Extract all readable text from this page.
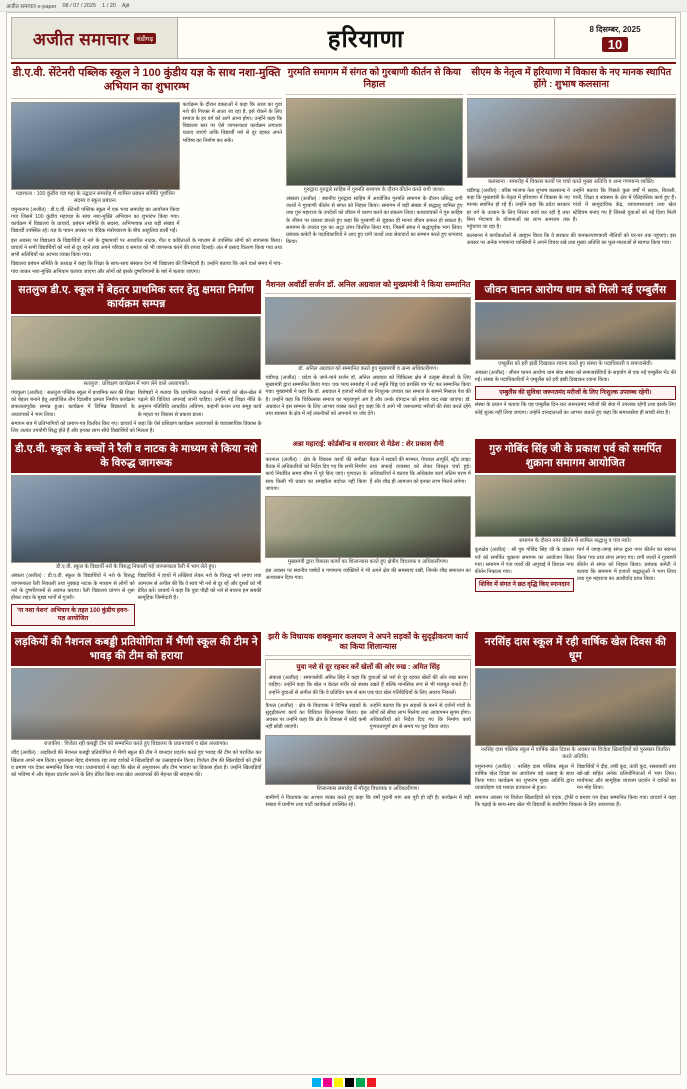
अजीत समाचार e-paper 08 / 07 / 2025 1 / 20 Ajit
अजीत समाचार	चंडीगढ़	हरियाणा	8 दिसम्बर, 2025
10
डी.ए.वी. सेंटेनरी पब्लिक स्कूल ने 100 कुंडीय यज्ञ के साथ नशा-मुक्ति अभियान का शुभारम्भ
यज्ञशाला : 100 कुंडीय यज्ञ महा के उद्घाटन समारोह में शामिल प्रबंधन समिति पूर्वाधिन सदस्य व स्कूल प्रबंधन।
यमुनानगर (अजीत) : डी.ए.वी. सेंटेनरी पब्लिक स्कूल में एक भव्य समारोह का आयोजन किया गया जिसमें 100 कुंडीय महायज्ञ के साथ नशा-मुक्ति अभियान का शुभारंभ किया गया। कार्यक्रम में विद्यालय के प्राचार्य, प्रबंधन समिति के सदस्य, अभिभावक तथा बड़ी संख्या में विद्यार्थी उपस्थित रहे। यज्ञ के पावन अवसर पर वैदिक मंत्रोच्चारण के बीच आहुतियां डाली गईं।
कार्यक्रम के दौरान वक्ताओं ने कहा कि आज का युवा नशे की गिरफ्त में आता जा रहा है, इसे रोकने के लिए समाज के हर वर्ग को आगे आना होगा। उन्होंने कहा कि विद्यालय स्तर पर ऐसे जागरूकता कार्यक्रम लगातार चलाए जाएंगे ताकि विद्यार्थी नशे से दूर रहकर अपने भविष्य का निर्माण कर सकें।
इस अवसर पर विद्यालय के विद्यार्थियों ने नशे के दुष्प्रभावों पर आधारित नाटक, गीत व कविताओं के माध्यम से उपस्थित लोगों को जागरूक किया। प्राचार्य ने सभी विद्यार्थियों को नशे से दूर रहने तथा अपने परिवार व समाज को भी जागरूक करने की शपथ दिलाई। अंत में प्रसाद वितरण किया गया तथा सभी अतिथियों का आभार व्यक्त किया गया।
विद्यालय प्रबंधन समिति के अध्यक्ष ने कहा कि शिक्षा के साथ-साथ संस्कार देना भी विद्यालय की जिम्मेदारी है। उन्होंने बताया कि आने वाले समय में गांव-गांव जाकर नशा-मुक्ति अभियान चलाया जाएगा और लोगों को इसके दुष्परिणामों के बारे में बताया जाएगा।
गुरमति समागम में संगत को गुरबाणी कीर्तन से किया निहाल
गुरुद्वारा गुरुद्वारे साहिब में गुरमति समागम के दौरान कीर्तन करते रागी जत्था।
अंबाला (अजीत) : स्थानीय गुरुद्वारा साहिब में आयोजित गुरमति समागम के दौरान प्रसिद्ध रागी जत्थों ने गुरबाणी कीर्तन से संगत को निहाल किया। समागम में बड़ी संख्या में श्रद्धालु शामिल हुए तथा गुरु महाराज के उपदेशों को जीवन में धारण करने का संकल्प लिया। कथावाचकों ने गुरु साहिब के जीवन पर प्रकाश डालते हुए कहा कि गुरबाणी से जुड़कर ही मानव जीवन सफल हो सकता है। समागम के उपरांत गुरु का अटूट लंगर वितरित किया गया, जिसमें संगत ने श्रद्धापूर्वक भाग लिया। प्रबंधक कमेटी के पदाधिकारियों ने आए हुए रागी जत्थों तथा सेवादारों का सम्मान करते हुए धन्यवाद किया।
सीएम के नेतृत्व में हरियाणा में विकास के नए मानक स्थापित होंगे : शुभाष कलसाना
कलसाना : समारोह में विकास कार्यों पर चर्चा करते मुख्य अतिथि व अन्य गणमान्य व्यक्ति।
चंडीगढ़ (अजीत) : वरिष्ठ भाजपा नेता शुभाष कलसाना ने कहा कि मुख्यमंत्री के नेतृत्व में हरियाणा में विकास के नए मानक स्थापित हो रहे हैं। उन्होंने कहा कि प्रदेश सरकार हर वर्ग के उत्थान के लिए निरंतर कार्य कर रही है तथा बिना भेदभाव के योजनाओं का लाभ आमजन तक पहुंचाया जा रहा है।
उन्होंने बताया कि पिछले कुछ वर्षों में सड़क, बिजली, पानी, शिक्षा व स्वास्थ्य के क्षेत्र में ऐतिहासिक कार्य हुए हैं। गांवों में सामुदायिक केंद्र, व्यायामशालाएं तथा खेल स्टेडियम बनाए गए हैं जिससे युवाओं को नई दिशा मिली है।
कलसाना ने कार्यकर्ताओं से आह्वान किया कि वे सरकार की जनकल्याणकारी नीतियों को घर-घर तक पहुंचाएं। इस अवसर पर अनेक गणमान्य व्यक्तियों ने अपने विचार रखे तथा मुख्य अतिथि का फूल-मालाओं से स्वागत किया गया।
सतलुज डी.ए. स्कूल में बेहतर प्राथमिक स्तर हेतु क्षमता निर्माण कार्यक्रम सम्पन्न
सतलुज : प्रशिक्षण कार्यक्रम में भाग लेने वाले अध्यापकों।
पंचकूला (अजीत) : सतलुज पब्लिक स्कूल में प्राथमिक स्तर की शिक्षा को बेहतर बनाने हेतु आयोजित तीन दिवसीय क्षमता निर्माण कार्यक्रम सफलतापूर्वक सम्पन्न हुआ। कार्यक्रम में विभिन्न विद्यालयों के अध्यापकों ने भाग लिया।
विशेषज्ञों ने बताया कि प्राथमिक कक्षाओं में बच्चों को खेल-खेल में पढ़ाने की विधियां अपनाई जानी चाहिए। उन्होंने नई शिक्षा नीति के अनुरूप गतिविधि आधारित अधिगम, कहानी कथन तथा समूह कार्य के महत्व पर विस्तार से प्रकाश डाला।
समापन सत्र में प्रतिभागियों को प्रमाण-पत्र वितरित किए गए। प्राचार्य ने कहा कि ऐसे प्रशिक्षण कार्यक्रम अध्यापकों के व्यावसायिक विकास के लिए अत्यंत उपयोगी सिद्ध होते हैं और इनका लाभ सीधे विद्यार्थियों को मिलता है।
नैशनल अवॉर्डी सर्जन डॉ. अनिल अग्रवाल को मुख्यमंत्री ने किया सम्मानित
डॉ. अनिल अग्रवाल को सम्मानित करते हुए मुख्यमंत्री व अन्य अधिकारीगण।
चंडीगढ़ (अजीत) : प्रदेश के जाने-माने सर्जन डॉ. अनिल अग्रवाल को चिकित्सा क्षेत्र में उत्कृष्ट सेवाओं के लिए मुख्यमंत्री द्वारा सम्मानित किया गया। एक भव्य समारोह में उन्हें स्मृति चिह्न एवं प्रशस्ति पत्र भेंट कर सम्मानित किया गया। मुख्यमंत्री ने कहा कि डॉ. अग्रवाल ने हजारों मरीजों का निःशुल्क उपचार कर समाज के सामने मिसाल पेश की है। उन्होंने कहा कि चिकित्सक समाज का महत्वपूर्ण अंग हैं और उनके योगदान को हमेशा याद रखा जाएगा। डॉ. अग्रवाल ने इस सम्मान के लिए आभार व्यक्त करते हुए कहा कि वे आगे भी जरूरतमंद मरीजों की सेवा करते रहेंगे तथा स्वास्थ्य के क्षेत्र में नई तकनीकों को अपनाने पर जोर देंगे।
जीवन चानन आरोग्य धाम को मिली नई एम्बुलैंस
एम्बुलैंस को हरी झंडी दिखाकर रवाना करते हुए संस्था के पदाधिकारी व समाजसेवी।
अंबाला (अजीत) : जीवन चानन आरोग्य धाम सेवा संस्था को समाजसेवियों के सहयोग से एक नई एम्बुलैंस भेंट की गई। संस्था के पदाधिकारियों ने एम्बुलैंस को हरी झंडी दिखाकर रवाना किया।
एम्बुलैंस की सुविधा जरूरतमंद मरीजों के लिए निःशुल्क उपलब्ध रहेगी।
संस्था के प्रधान ने बताया कि यह एम्बुलैंस दिन-रात जरूरतमंद मरीजों की सेवा में उपलब्ध रहेगी तथा इसके लिए कोई शुल्क नहीं लिया जाएगा। उन्होंने दानदाताओं का आभार जताते हुए कहा कि समाजसेवा ही सच्ची सेवा है।
डी.ए.वी. स्कूल के बच्चों ने रैली व नाटक के माध्यम से किया नशे के विरुद्ध जागरूक
डी.ए.वी. स्कूल के विद्यार्थी नशे के विरुद्ध निकाली गई जागरूकता रैली में भाग लेते हुए।
अंबाला (अजीत) : डी.ए.वी. स्कूल के विद्यार्थियों ने नशे के विरुद्ध जागरूकता रैली निकाली तथा नुक्कड़ नाटक के माध्यम से लोगों को नशे के दुष्परिणामों से अवगत कराया। रैली विद्यालय प्रांगण से शुरू होकर शहर के मुख्य मार्गों से गुजरी।
'ना नशा नेशन' अभियान के तहत 100 कुंडीय हवन-यज्ञ आयोजित
विद्यार्थियों ने हाथों में तख्तियां लेकर नशे के विरुद्ध नारे लगाए तथा आमजन से अपील की कि वे स्वयं भी नशे से दूर रहें और दूसरों को भी प्रेरित करें। प्राचार्य ने कहा कि युवा पीढ़ी को नशे से बचाना हम सबकी सामूहिक जिम्मेदारी है।
अन्ना महाराई: कोर्डबॉन्ड व शरदवार से मेडेश : शेर प्रकाश सैनी
करनाल (अजीत) : क्षेत्र के विकास कार्यों की समीक्षा बैठक में अधिकारियों को निर्देश दिए गए कि सभी निर्माण कार्य निर्धारित समय सीमा में पूरे किए जाएं। गुणवत्ता के साथ किसी भी प्रकार का समझौता बर्दाश्त नहीं किया जाएगा।
बैठक में सड़कों की मरम्मत, पेयजल आपूर्ति, स्ट्रीट लाइट तथा सफाई व्यवस्था को लेकर विस्तृत चर्चा हुई। अधिकारियों ने बताया कि अधिकांश कार्य अंतिम चरण में हैं और शीघ्र ही आमजन को इनका लाभ मिलने लगेगा।
मुख्यमंत्री द्वारा विकास कार्यों का शिलान्यास करते हुए क्षेत्रीय विधायक व अधिकारीगण।
इस अवसर पर स्थानीय पार्षदों व गणमान्य व्यक्तियों ने भी अपने क्षेत्र की समस्याएं रखीं, जिनके शीघ्र समाधान का आश्वासन दिया गया।
गुरु गोबिंद सिंह जी के प्रकाश पर्व को समर्पित शुक्राना समागम आयोजित
समागम के दौरान नगर कीर्तन में शामिल श्रद्धालु व पंज प्यारे।
कुरुक्षेत्र (अजीत) : श्री गुरु गोबिंद सिंह जी के प्रकाश पर्व को समर्पित शुक्राना समागम का आयोजन किया गया। समागम में पंज प्यारों की अगुवाई में विशाल नगर कीर्तन निकाला गया।
शिविर में संगत ने छठ वृद्धि किए स्नानदान
मार्ग में जगह-जगह संगत द्वारा नगर कीर्तन का स्वागत किया गया तथा लंगर लगाए गए। रागी जत्थों ने गुरबाणी कीर्तन से संगत को निहाल किया। प्रबंधक कमेटी ने बताया कि समागम में हजारों श्रद्धालुओं ने भाग लिया तथा गुरु महाराज का आशीर्वाद प्राप्त किया।
लड़कियों की नैशनल कबड्डी प्रतियोगिता में भैंणी स्कूल की टीम ने भावड़ की टीम को हराया
राजकीय : विजेता रही कबड्डी टीम को सम्मानित करते हुए विद्यालय के प्रधानाचार्य व खेल अध्यापक।
जींद (अजीत) : लड़कियों की नैशनल कबड्डी प्रतियोगिता में भैंणी स्कूल की टीम ने शानदार प्रदर्शन करते हुए भावड़ की टीम को पराजित कर खिताब अपने नाम किया। मुकाबला बेहद रोमांचक रहा तथा दर्शकों ने खिलाड़ियों का उत्साहवर्धन किया। विजेता टीम की खिलाड़ियों को ट्रॉफी व प्रमाण पत्र देकर सम्मानित किया गया। प्रधानाचार्य ने कहा कि खेल से अनुशासन और टीम भावना का विकास होता है। उन्होंने खिलाड़ियों को भविष्य में और बेहतर प्रदर्शन करने के लिए प्रेरित किया तथा खेल अध्यापकों की मेहनत की सराहना की।
झरी के विधायक शक्कूमार कलयण ने अपने सड़कों के सुदृढ़ीकरण कार्य का किया शिलान्यास
युवा नशे से दूर रहकर करें खेलों की ओर रुख : अमित सिंह
अंबाला (अजीत) : समाजसेवी अमित सिंह ने कहा कि युवाओं को नशे से दूर रहकर खेलों की ओर रुख करना चाहिए। उन्होंने कहा कि खेल न केवल शरीर को स्वस्थ रखते हैं बल्कि मानसिक रूप से भी मजबूत बनाते हैं। उन्होंने युवाओं से अपील की कि वे प्रतिदिन कम से कम एक घंटा खेल गतिविधियों के लिए अवश्य निकालें।
कैथल (अजीत) : क्षेत्र के विधायक ने विभिन्न सड़कों के सुदृढ़ीकरण कार्य का विधिवत शिलान्यास किया। इस अवसर पर उन्होंने कहा कि क्षेत्र के विकास में कोई कमी नहीं छोड़ी जाएगी।
उन्होंने बताया कि इन सड़कों के बनने से दर्जनों गांवों के लोगों को सीधा लाभ मिलेगा तथा आवागमन सुगम होगा। अधिकारियों को निर्देश दिए गए कि निर्माण कार्य गुणवत्तापूर्ण ढंग से समय पर पूरा किया जाए।
शिलान्यास समारोह में मौजूद विधायक व अधिकारीगण।
ग्रामीणों ने विधायक का आभार व्यक्त करते हुए कहा कि वर्षों पुरानी मांग अब पूरी हो रही है। कार्यक्रम में बड़ी संख्या में ग्रामीण तथा पार्टी कार्यकर्ता उपस्थित रहे।
नरसिंह दास स्कूल में रही वार्षिक खेल दिवस की धूम
नरसिंह दास पब्लिक स्कूल में वार्षिक खेल दिवस के अवसर पर विजेता खिलाड़ियों को पुरस्कार वितरित करते अतिथि।
यमुनानगर (अजीत) : नरसिंह दास पब्लिक स्कूल में वार्षिक खेल दिवस का आयोजन बड़े उत्साह के साथ किया गया। कार्यक्रम का शुभारंभ मुख्य अतिथि द्वारा ध्वजारोहण एवं मशाल प्रज्वलन से हुआ।
विद्यार्थियों ने दौड़, लंबी कूद, ऊंची कूद, रस्साकशी तथा खो-खो सहित अनेक प्रतियोगिताओं में भाग लिया। मार्चपास्ट और सामूहिक व्यायाम प्रदर्शन ने दर्शकों का मन मोह लिया।
समापन अवसर पर विजेता खिलाड़ियों को पदक, ट्रॉफी व प्रमाण पत्र देकर सम्मानित किया गया। प्राचार्य ने कहा कि पढ़ाई के साथ-साथ खेल भी विद्यार्थी के सर्वांगीण विकास के लिए आवश्यक हैं।
